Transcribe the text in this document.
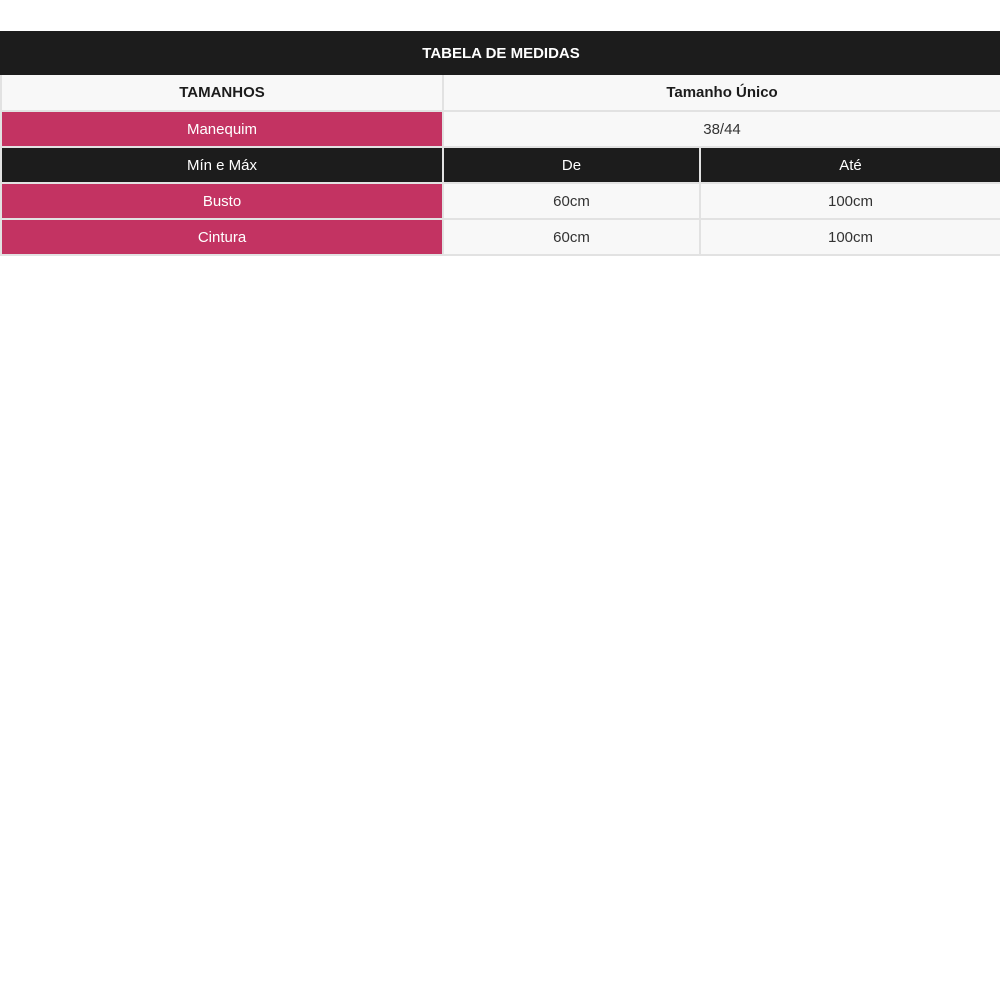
TABELA DE MEDIDAS		
TAMANHOS	Tamanho Único	
Manequim	38/44	
Mín e Máx	De	Até
Busto	60cm	100cm
Cintura	60cm	100cm
